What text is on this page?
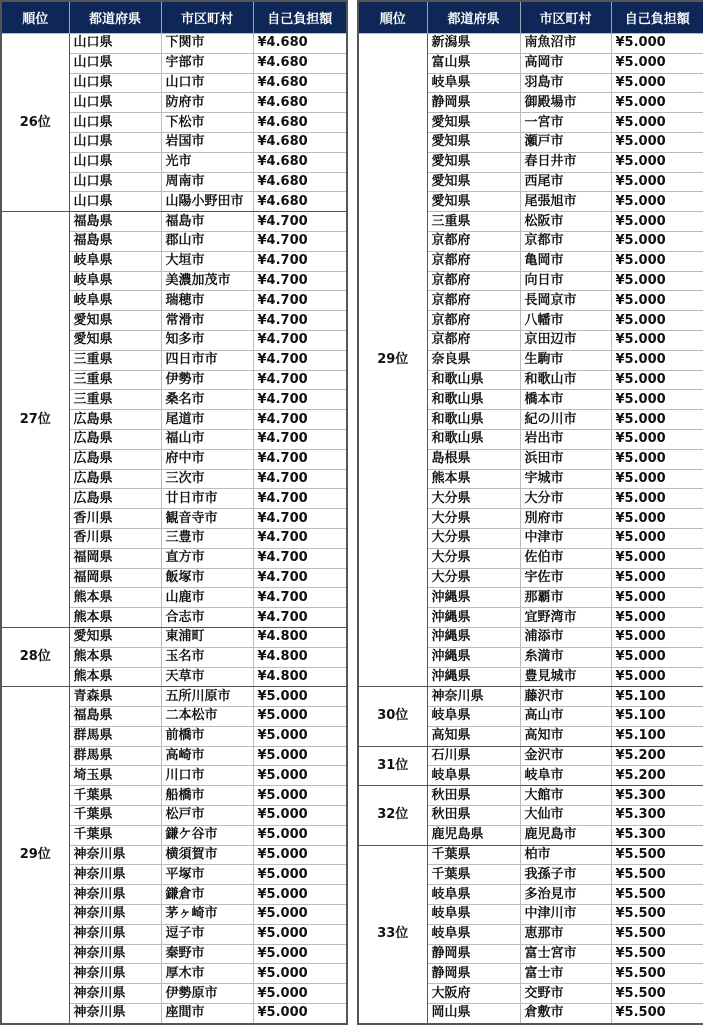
順位	都道府県	市区町村	自己負担額
26位	山口県	下関市	¥4.680
	山口県	宇部市	¥4.680
	山口県	山口市	¥4.680
	山口県	防府市	¥4.680
	山口県	下松市	¥4.680
	山口県	岩国市	¥4.680
	山口県	光市	¥4.680
	山口県	周南市	¥4.680
	山口県	山陽小野田市	¥4.680
27位	福島県	福島市	¥4.700
	福島県	郡山市	¥4.700
	岐阜県	大垣市	¥4.700
	岐阜県	美濃加茂市	¥4.700
	岐阜県	瑞穂市	¥4.700
	愛知県	常滑市	¥4.700
	愛知県	知多市	¥4.700
	三重県	四日市市	¥4.700
	三重県	伊勢市	¥4.700
	三重県	桑名市	¥4.700
	広島県	尾道市	¥4.700
	広島県	福山市	¥4.700
	広島県	府中市	¥4.700
	広島県	三次市	¥4.700
	広島県	廿日市市	¥4.700
	香川県	観音寺市	¥4.700
	香川県	三豊市	¥4.700
	福岡県	直方市	¥4.700
	福岡県	飯塚市	¥4.700
	熊本県	山鹿市	¥4.700
	熊本県	合志市	¥4.700
28位	愛知県	東浦町	¥4.800
	熊本県	玉名市	¥4.800
	熊本県	天草市	¥4.800
29位	青森県	五所川原市	¥5.000
	福島県	二本松市	¥5.000
	群馬県	前橋市	¥5.000
	群馬県	高崎市	¥5.000
	埼玉県	川口市	¥5.000
	千葉県	船橋市	¥5.000
	千葉県	松戸市	¥5.000
	千葉県	鎌ケ谷市	¥5.000
	神奈川県	横須賀市	¥5.000
	神奈川県	平塚市	¥5.000
	神奈川県	鎌倉市	¥5.000
	神奈川県	茅ヶ崎市	¥5.000
	神奈川県	逗子市	¥5.000
	神奈川県	秦野市	¥5.000
	神奈川県	厚木市	¥5.000
	神奈川県	伊勢原市	¥5.000
	神奈川県	座間市	¥5.000
順位	都道府県	市区町村	自己負担額
29位	新潟県	南魚沼市	¥5.000
	富山県	高岡市	¥5.000
	岐阜県	羽島市	¥5.000
	静岡県	御殿場市	¥5.000
	愛知県	一宮市	¥5.000
	愛知県	瀬戸市	¥5.000
	愛知県	春日井市	¥5.000
	愛知県	西尾市	¥5.000
	愛知県	尾張旭市	¥5.000
	三重県	松阪市	¥5.000
	京都府	京都市	¥5.000
	京都府	亀岡市	¥5.000
	京都府	向日市	¥5.000
	京都府	長岡京市	¥5.000
	京都府	八幡市	¥5.000
	京都府	京田辺市	¥5.000
	奈良県	生駒市	¥5.000
	和歌山県	和歌山市	¥5.000
	和歌山県	橋本市	¥5.000
	和歌山県	紀の川市	¥5.000
	和歌山県	岩出市	¥5.000
	島根県	浜田市	¥5.000
	熊本県	宇城市	¥5.000
	大分県	大分市	¥5.000
	大分県	別府市	¥5.000
	大分県	中津市	¥5.000
	大分県	佐伯市	¥5.000
	大分県	宇佐市	¥5.000
	沖縄県	那覇市	¥5.000
	沖縄県	宜野湾市	¥5.000
	沖縄県	浦添市	¥5.000
	沖縄県	糸満市	¥5.000
	沖縄県	豊見城市	¥5.000
30位	神奈川県	藤沢市	¥5.100
	岐阜県	高山市	¥5.100
	高知県	高知市	¥5.100
31位	石川県	金沢市	¥5.200
	岐阜県	岐阜市	¥5.200
32位	秋田県	大館市	¥5.300
	秋田県	大仙市	¥5.300
	鹿児島県	鹿児島市	¥5.300
33位	千葉県	柏市	¥5.500
	千葉県	我孫子市	¥5.500
	岐阜県	多治見市	¥5.500
	岐阜県	中津川市	¥5.500
	岐阜県	恵那市	¥5.500
	静岡県	富士宮市	¥5.500
	静岡県	富士市	¥5.500
	大阪府	交野市	¥5.500
	岡山県	倉敷市	¥5.500
